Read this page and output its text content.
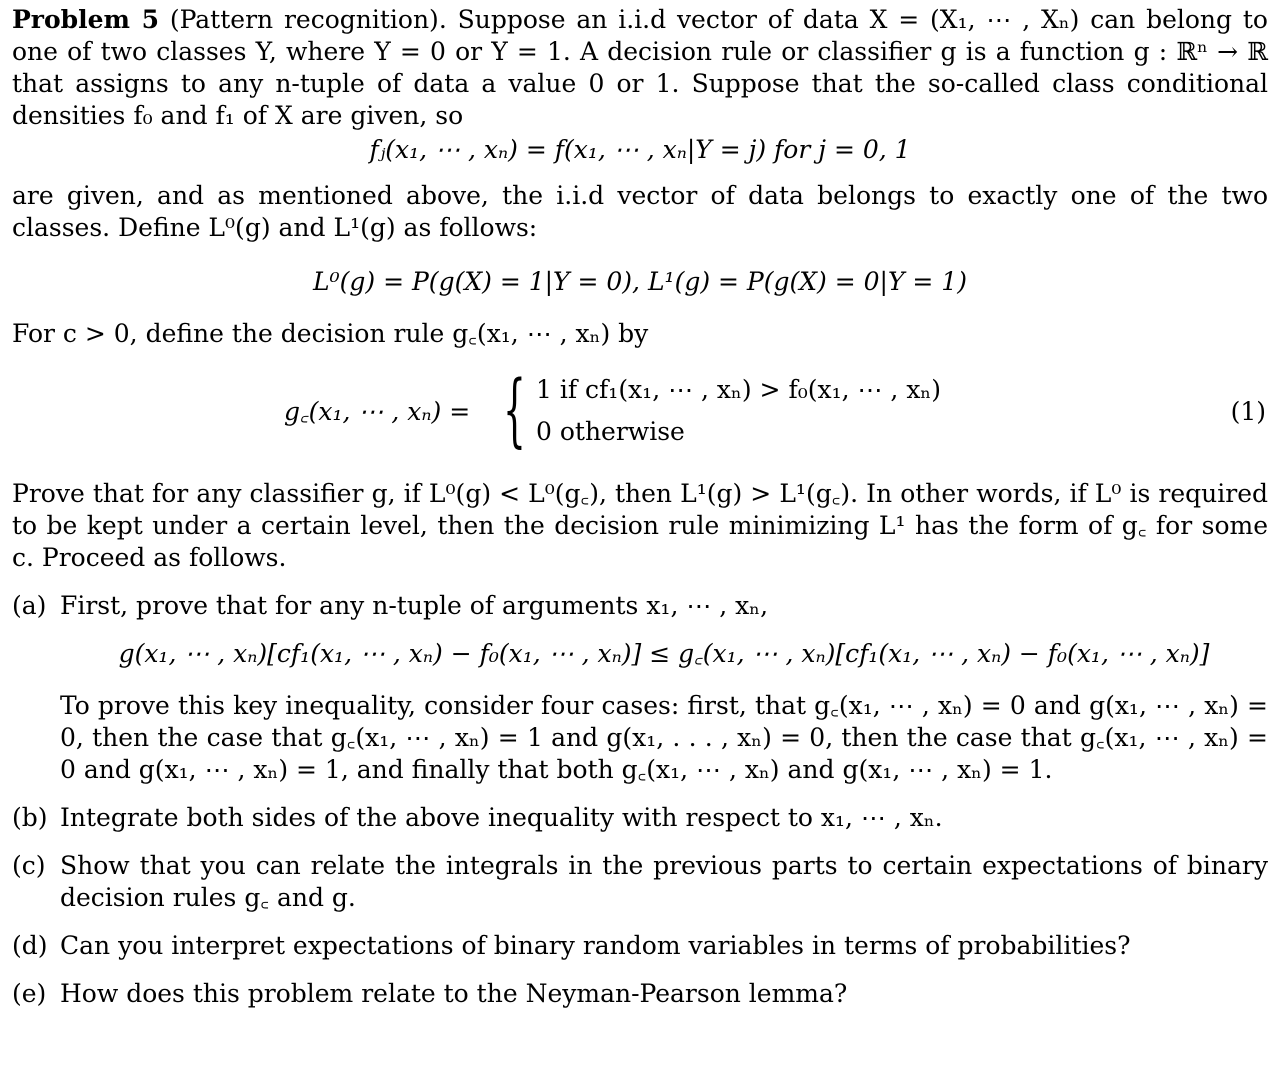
Problem 5 (Pattern recognition). Suppose an i.i.d vector of data X = (X₁, ⋯ , Xₙ) can belong to one of two classes Y, where Y = 0 or Y = 1. A decision rule or classifier g is a function g : ℝⁿ → ℝ that assigns to any n-tuple of data a value 0 or 1. Suppose that the so-called class conditional densities f₀ and f₁ of X are given, so

fⱼ(x₁, ⋯ , xₙ) = f(x₁, ⋯ , xₙ|Y = j) for j = 0, 1

are given, and as mentioned above, the i.i.d vector of data belongs to exactly one of the two classes. Define L⁰(g) and L¹(g) as follows:

L⁰(g) = P(g(X) = 1|Y = 0), L¹(g) = P(g(X) = 0|Y = 1)

For c > 0, define the decision rule g꜀(x₁, ⋯ , xₙ) by

g꜀(x₁, ⋯ , xₙ) = { 1 if cf₁(x₁, ⋯ , xₙ) > f₀(x₁, ⋯ , xₙ)
0 otherwise
(1)

Prove that for any classifier g, if L⁰(g) < L⁰(g꜀), then L¹(g) > L¹(g꜀). In other words, if L⁰ is required to be kept under a certain level, then the decision rule minimizing L¹ has the form of g꜀ for some c. Proceed as follows.

(a) First, prove that for any n-tuple of arguments x₁, ⋯ , xₙ,

g(x₁, ⋯ , xₙ)[cf₁(x₁, ⋯ , xₙ) − f₀(x₁, ⋯ , xₙ)] ≤ g꜀(x₁, ⋯ , xₙ)[cf₁(x₁, ⋯ , xₙ) − f₀(x₁, ⋯ , xₙ)]

To prove this key inequality, consider four cases: first, that g꜀(x₁, ⋯ , xₙ) = 0 and g(x₁, ⋯ , xₙ) = 0, then the case that g꜀(x₁, ⋯ , xₙ) = 1 and g(x₁, . . . , xₙ) = 0, then the case that g꜀(x₁, ⋯ , xₙ) = 0 and g(x₁, ⋯ , xₙ) = 1, and finally that both g꜀(x₁, ⋯ , xₙ) and g(x₁, ⋯ , xₙ) = 1.

(b) Integrate both sides of the above inequality with respect to x₁, ⋯ , xₙ.

(c) Show that you can relate the integrals in the previous parts to certain expectations of binary decision rules g꜀ and g.

(d) Can you interpret expectations of binary random variables in terms of probabilities?

(e) How does this problem relate to the Neyman-Pearson lemma?
